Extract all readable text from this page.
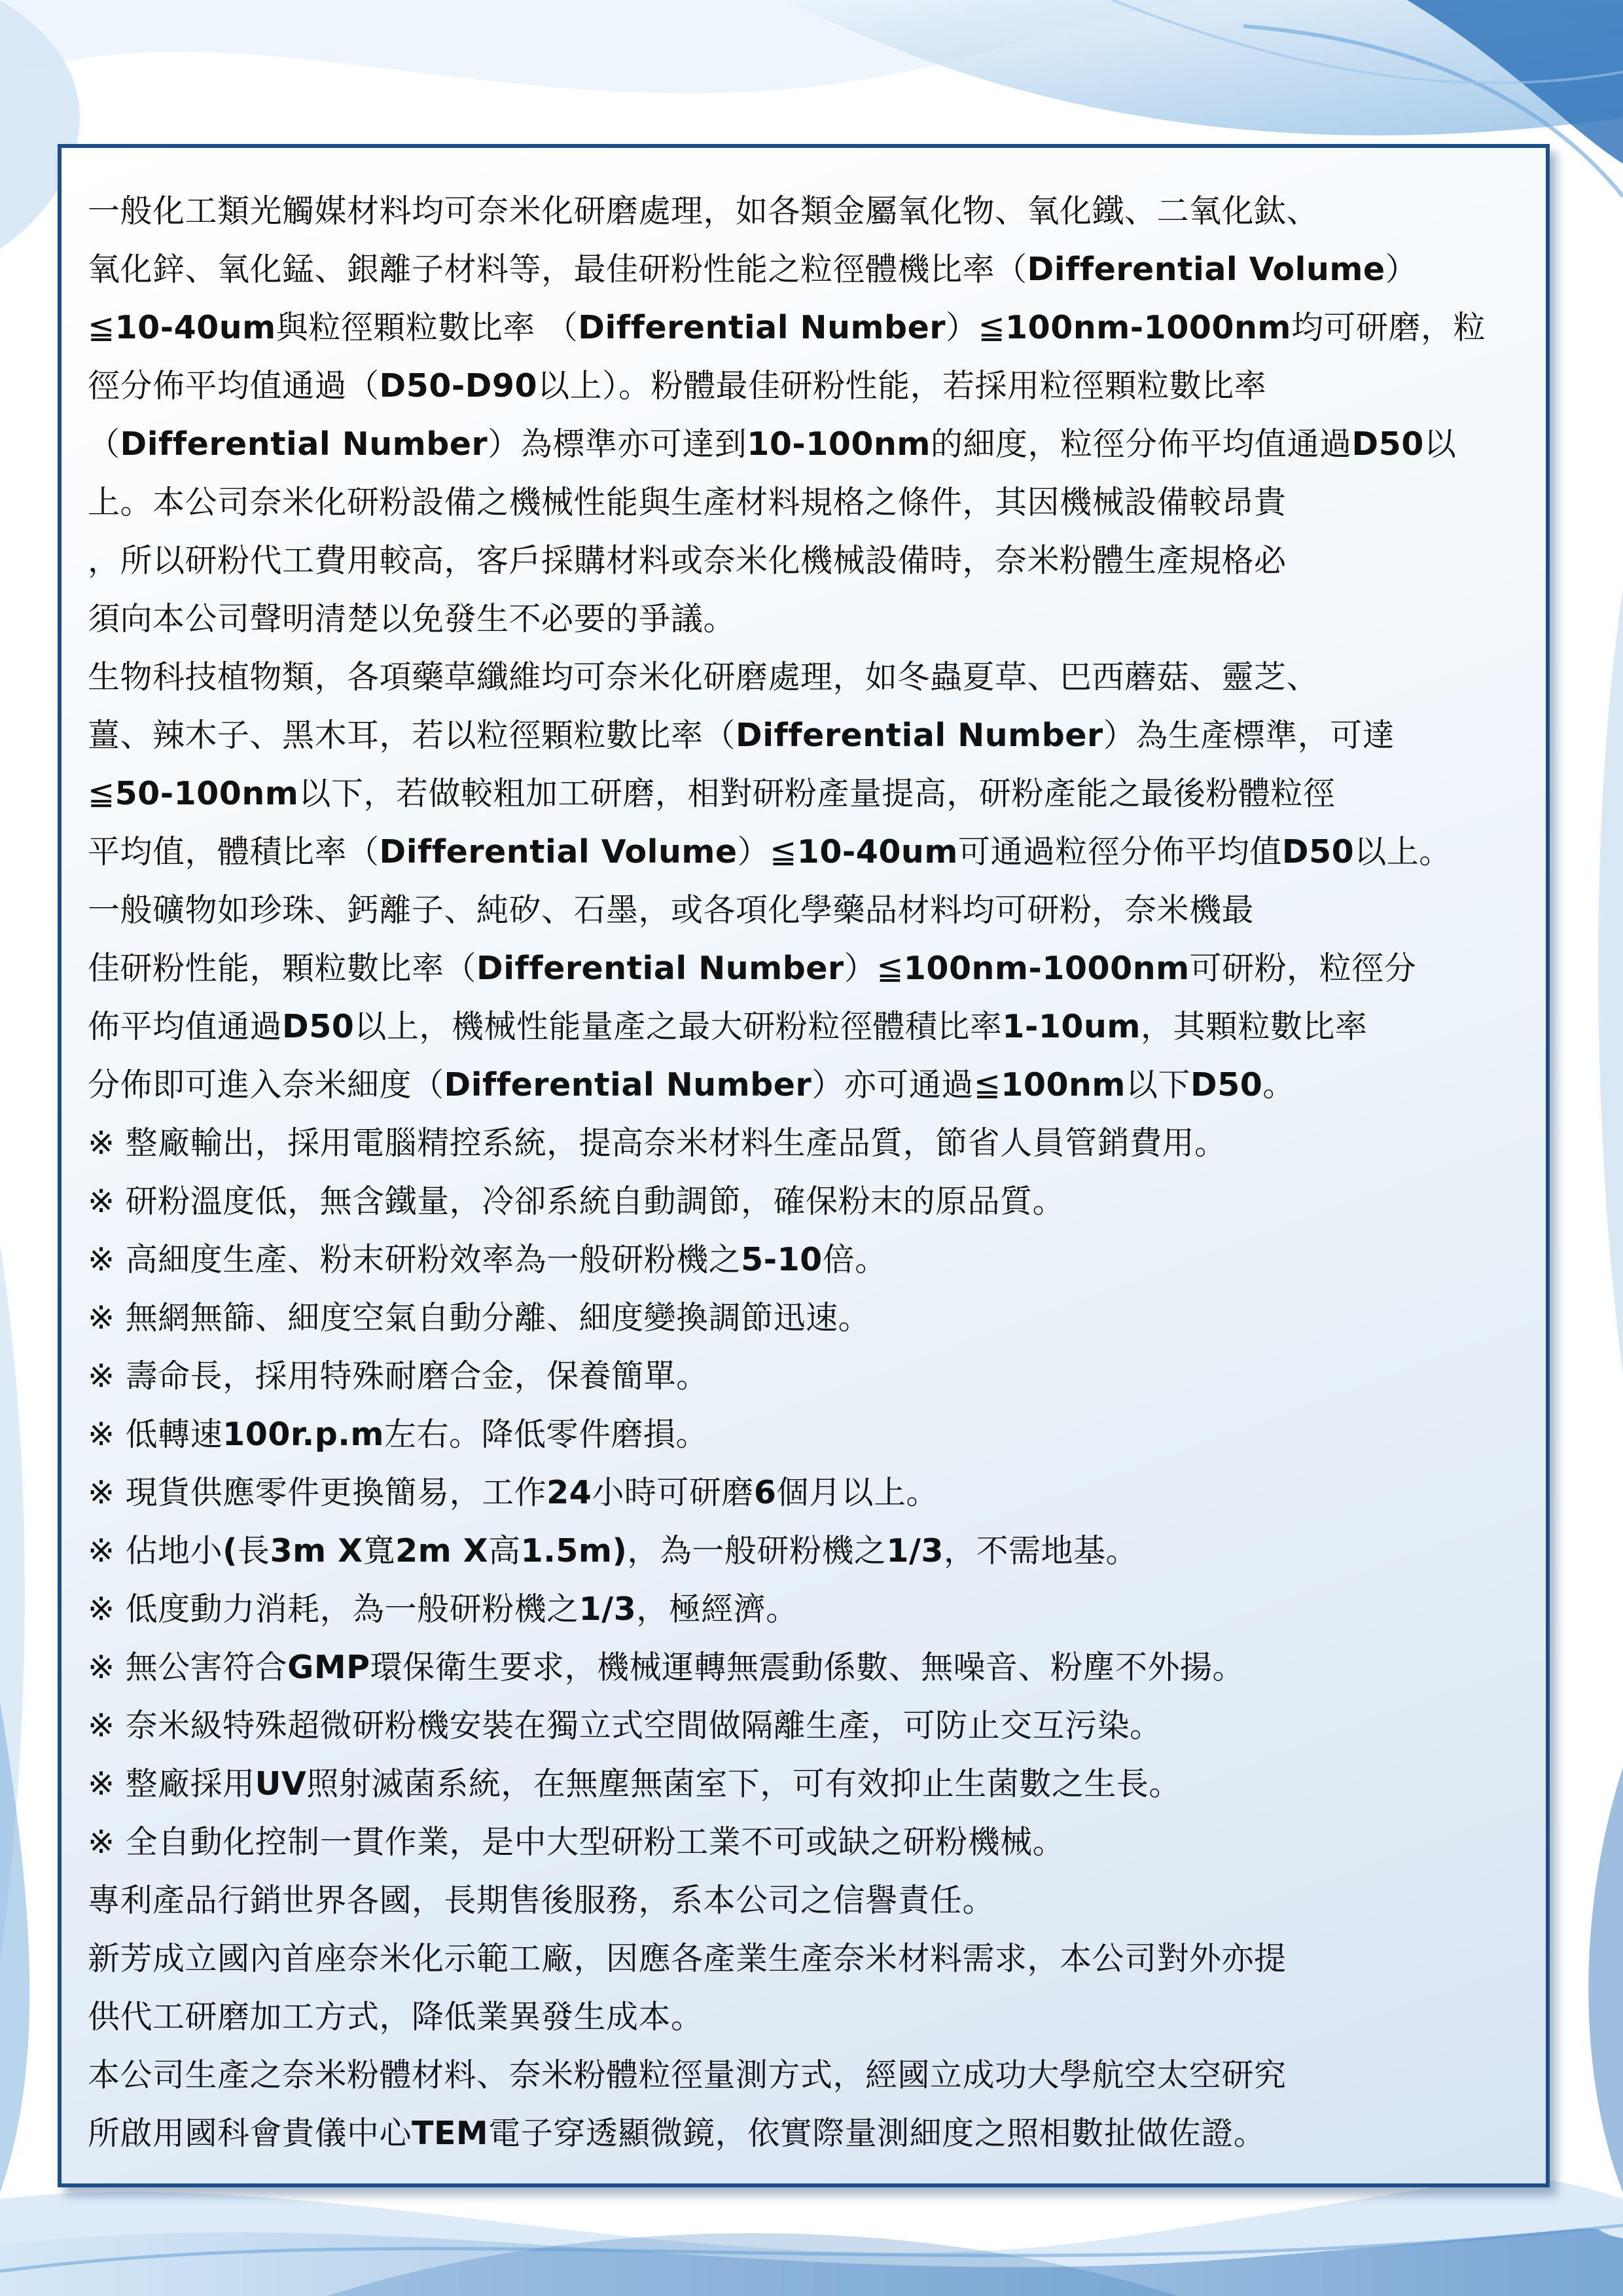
一般化工類光觸媒材料均可奈米化研磨處理，如各類金屬氧化物、氧化鐵、二氧化鈦、
氧化鋅、氧化錳、銀離子材料等，最佳研粉性能之粒徑體機比率（Differential Volume）
≦10-40um與粒徑顆粒數比率 （Differential Number）≦100nm-1000nm均可研磨，粒
徑分佈平均值通過（D50-D90以上）。粉體最佳研粉性能，若採用粒徑顆粒數比率
（Differential Number）為標準亦可達到10-100nm的細度，粒徑分佈平均值通過D50以
上。本公司奈米化研粉設備之機械性能與生產材料規格之條件，其因機械設備較昂貴
，所以研粉代工費用較高，客戶採購材料或奈米化機械設備時，奈米粉體生產規格必
須向本公司聲明清楚以免發生不必要的爭議。
生物科技植物類，各項藥草纖維均可奈米化研磨處理，如冬蟲夏草、巴西蘑菇、靈芝、
薑、辣木子、黑木耳，若以粒徑顆粒數比率（Differential Number）為生產標準，可達
≦50-100nm以下，若做較粗加工研磨，相對研粉產量提高，研粉產能之最後粉體粒徑
平均值，體積比率（Differential Volume）≦10-40um可通過粒徑分佈平均值D50以上。
一般礦物如珍珠、鈣離子、純矽、石墨，或各項化學藥品材料均可研粉，奈米機最
佳研粉性能，顆粒數比率（Differential Number）≦100nm-1000nm可研粉，粒徑分
佈平均值通過D50以上，機械性能量產之最大研粉粒徑體積比率1-10um，其顆粒數比率
分佈即可進入奈米細度（Differential Number）亦可通過≦100nm以下D50。
※ 整廠輸出，採用電腦精控系統，提高奈米材料生產品質，節省人員管銷費用。
※ 研粉溫度低，無含鐵量，冷卻系統自動調節，確保粉末的原品質。
※ 高細度生產、粉末研粉效率為一般研粉機之5-10倍。
※ 無網無篩、細度空氣自動分離、細度變換調節迅速。
※ 壽命長，採用特殊耐磨合金，保養簡單。
※ 低轉速100r.p.m左右。降低零件磨損。
※ 現貨供應零件更換簡易，工作24小時可研磨6個月以上。
※ 佔地小(長3m X寬2m X高1.5m)，為一般研粉機之1/3，不需地基。
※ 低度動力消耗，為一般研粉機之1/3，極經濟。
※ 無公害符合GMP環保衛生要求，機械運轉無震動係數、無噪音、粉塵不外揚。
※ 奈米級特殊超微研粉機安裝在獨立式空間做隔離生產，可防止交互污染。
※ 整廠採用UV照射滅菌系統，在無塵無菌室下，可有效抑止生菌數之生長。
※ 全自動化控制一貫作業，是中大型研粉工業不可或缺之研粉機械。
專利產品行銷世界各國，長期售後服務，系本公司之信譽責任。
新芳成立國內首座奈米化示範工廠，因應各產業生產奈米材料需求，本公司對外亦提
供代工研磨加工方式，降低業異發生成本。
本公司生產之奈米粉體材料、奈米粉體粒徑量測方式，經國立成功大學航空太空研究
所啟用國科會貴儀中心TEM電子穿透顯微鏡，依實際量測細度之照相數扯做佐證。
